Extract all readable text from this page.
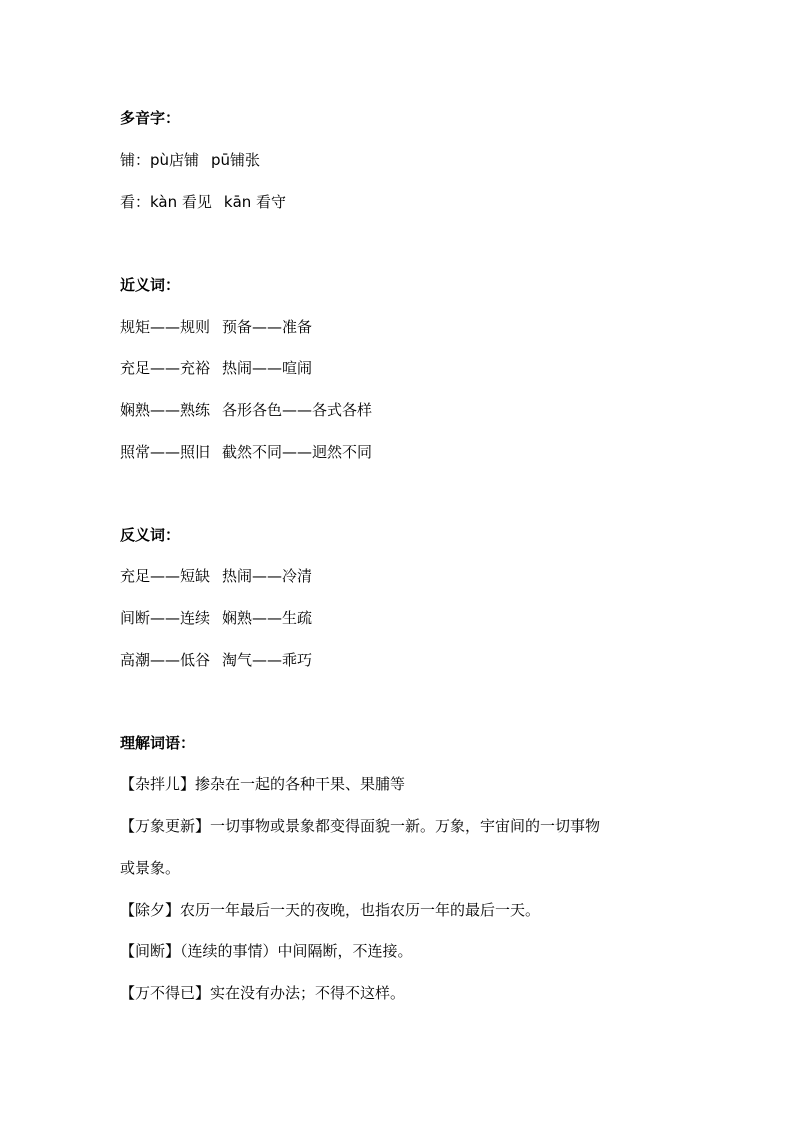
多音字：
铺：pù店铺 pū铺张
看：kàn 看见 kān 看守
近义词：
规矩——规则 预备——准备
充足——充裕 热闹——喧闹
娴熟——熟练 各形各色——各式各样
照常——照旧 截然不同——迥然不同
反义词：
充足——短缺 热闹——冷清
间断——连续 娴熟——生疏
高潮——低谷 淘气——乖巧
理解词语：
【杂拌儿】掺杂在一起的各种干果、果脯等
【万象更新】一切事物或景象都变得面貌一新。万象，宇宙间的一切事物
或景象。
【除夕】农历一年最后一天的夜晚，也指农历一年的最后一天。
【间断】（连续的事情）中间隔断，不连接。
【万不得已】实在没有办法；不得不这样。
